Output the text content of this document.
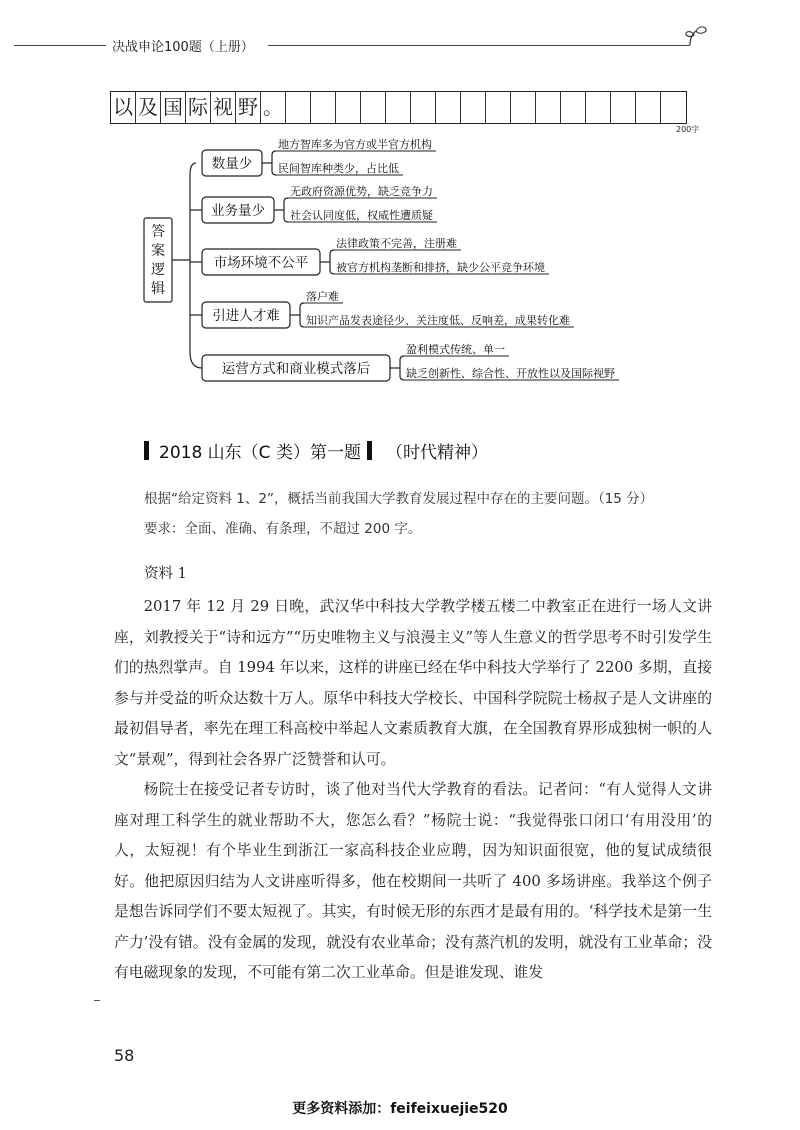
决战申论100题（上册）
以 及 国 际 视 野 。
200字
答案逻辑
数量少
地方智库多为官方或半官方机构
民间智库种类少，占比低
业务量少
无政府资源优势，缺乏竞争力
社会认同度低，权威性遭质疑
市场环境不公平
法律政策不完善，注册难
被官方机构垄断和排挤，缺少公平竞争环境
引进人才难
落户难
知识产品发表途径少、关注度低、反响差，成果转化难
运营方式和商业模式落后
盈利模式传统、单一
缺乏创新性、综合性、开放性以及国际视野
2018 山东（C 类）第一题 （时代精神）
根据“给定资料 1、2”，概括当前我国大学教育发展过程中存在的主要问题。（15 分）
要求：全面、准确、有条理，不超过 200 字。
资料 1

2017 年 12 月 29 日晚，武汉华中科技大学教学楼五楼二中教室正在进行一场人文讲座，刘教授关于“诗和远方”“历史唯物主义与浪漫主义”等人生意义的哲学思考不时引发学生们的热烈掌声。自 1994 年以来，这样的讲座已经在华中科技大学举行了 2200 多期，直接参与并受益的听众达数十万人。原华中科技大学校长、中国科学院院士杨叔子是人文讲座的最初倡导者，率先在理工科高校中举起人文素质教育大旗，在全国教育界形成独树一帜的人文“景观”，得到社会各界广泛赞誉和认可。

杨院士在接受记者专访时，谈了他对当代大学教育的看法。记者问：“有人觉得人文讲座对理工科学生的就业帮助不大，您怎么看？”杨院士说：“我觉得张口闭口‘有用没用’的人，太短视！有个毕业生到浙江一家高科技企业应聘，因为知识面很宽，他的复试成绩很好。他把原因归结为人文讲座听得多，他在校期间一共听了 400 多场讲座。我举这个例子是想告诉同学们不要太短视了。其实，有时候无形的东西才是最有用的。‘科学技术是第一生产力’没有错。没有金属的发现，就没有农业革命；没有蒸汽机的发明，就没有工业革命；没有电磁现象的发现，不可能有第二次工业革命。但是谁发现、谁发

58
更多资料添加：feifeixuejie520
